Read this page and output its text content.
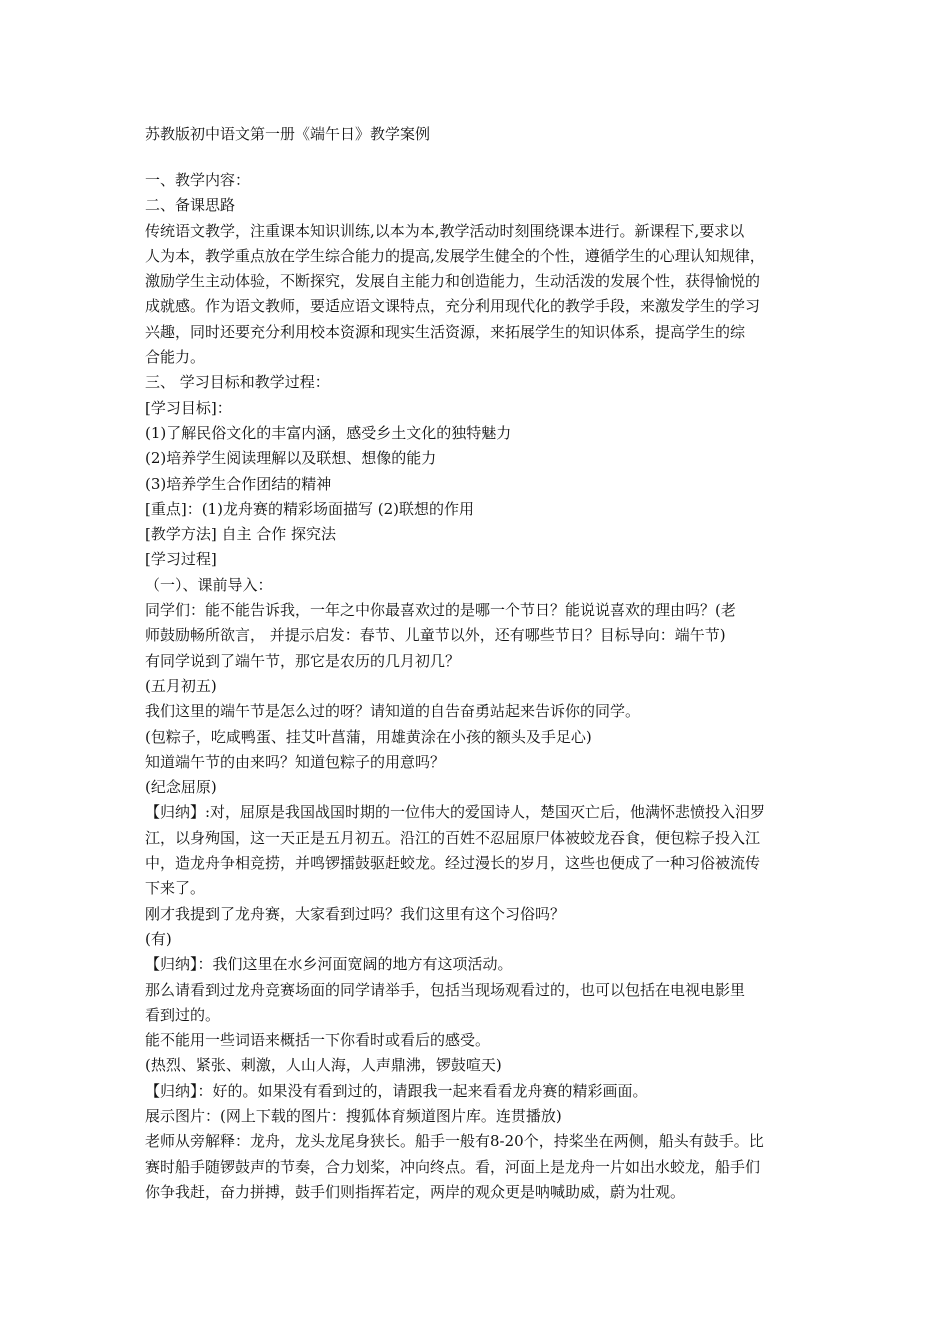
苏教版初中语文第一册《端午日》教学案例

一、教学内容：

二、备课思路

传统语文教学，注重课本知识训练,以本为本,教学活动时刻围绕课本进行。新课程下,要求以

人为本，教学重点放在学生综合能力的提高,发展学生健全的个性，遵循学生的心理认知规律，

激励学生主动体验，不断探究，发展自主能力和创造能力，生动活泼的发展个性，获得愉悦的

成就感。作为语文教师，要适应语文课特点，充分利用现代化的教学手段，来激发学生的学习

兴趣，同时还要充分利用校本资源和现实生活资源，来拓展学生的知识体系，提高学生的综

合能力。

三、 学习目标和教学过程：

[学习目标]：

(1)了解民俗文化的丰富内涵，感受乡土文化的独特魅力

(2)培养学生阅读理解以及联想、想像的能力

(3)培养学生合作团结的精神

[重点]：(1)龙舟赛的精彩场面描写 (2)联想的作用

[教学方法] 自主 合作 探究法

[学习过程]

（一）、课前导入：

同学们：能不能告诉我，一年之中你最喜欢过的是哪一个节日？能说说喜欢的理由吗？(老

师鼓励畅所欲言， 并提示启发：春节、儿童节以外，还有哪些节日？目标导向：端午节)

有同学说到了端午节，那它是农历的几月初几？

(五月初五)

我们这里的端午节是怎么过的呀？请知道的自告奋勇站起来告诉你的同学。

(包粽子，吃咸鸭蛋、挂艾叶菖蒲，用雄黄涂在小孩的额头及手足心)

知道端午节的由来吗？知道包粽子的用意吗？

(纪念屈原)

【归纳】:对，屈原是我国战国时期的一位伟大的爱国诗人，楚国灭亡后，他满怀悲愤投入汨罗

江，以身殉国，这一天正是五月初五。沿江的百姓不忍屈原尸体被蛟龙吞食，便包粽子投入江

中，造龙舟争相竞捞，并鸣锣擂鼓驱赶蛟龙。经过漫长的岁月，这些也便成了一种习俗被流传

下来了。

刚才我提到了龙舟赛，大家看到过吗？我们这里有这个习俗吗？

(有)

【归纳】：我们这里在水乡河面宽阔的地方有这项活动。

那么请看到过龙舟竞赛场面的同学请举手，包括当现场观看过的，也可以包括在电视电影里

看到过的。

能不能用一些词语来概括一下你看时或看后的感受。

(热烈、紧张、刺激，人山人海，人声鼎沸，锣鼓喧天)

【归纳】：好的。如果没有看到过的，请跟我一起来看看龙舟赛的精彩画面。

展示图片：(网上下载的图片：搜狐体育频道图片库。连贯播放)

老师从旁解释：龙舟，龙头龙尾身狭长。船手一般有8-20个，持桨坐在两侧，船头有鼓手。比

赛时船手随锣鼓声的节奏，合力划桨，冲向终点。看，河面上是龙舟一片如出水蛟龙，船手们

你争我赶，奋力拼搏，鼓手们则指挥若定，两岸的观众更是呐喊助威，蔚为壮观。
